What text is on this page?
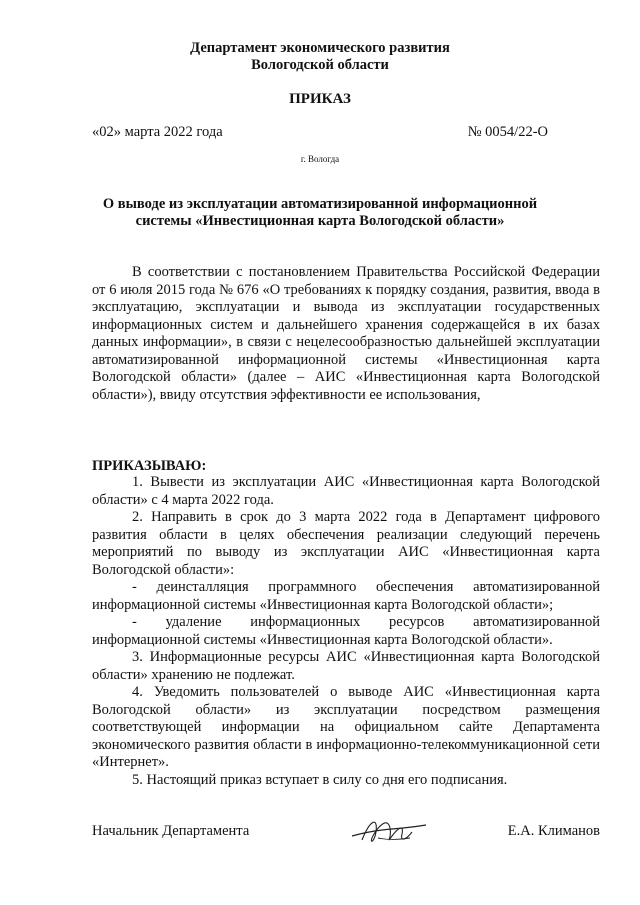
Департамент экономического развития
Вологодской области
ПРИКАЗ
«02» марта 2022 года	№ 0054/22-О
г. Вологда
О выводе из эксплуатации автоматизированной информационной
системы «Инвестиционная карта Вологодской области»

В соответствии с постановлением Правительства Российской Федерации от 6 июля 2015 года № 676 «О требованиях к порядку создания, развития, ввода в эксплуатацию, эксплуатации и вывода из эксплуатации государственных информационных систем и дальнейшего хранения содержащейся в их базах данных информации», в связи с нецелесообразностью дальнейшей эксплуатации автоматизированной информационной системы «Инвестиционная карта Вологодской области» (далее – АИС «Инвестиционная карта Вологодской области»), ввиду отсутствия эффективности ее использования,

ПРИКАЗЫВАЮ:

1. Вывести из эксплуатации АИС «Инвестиционная карта Вологодской области» с 4 марта 2022 года.

2. Направить в срок до 3 марта 2022 года в Департамент цифрового развития области в целях обеспечения реализации следующий перечень мероприятий по выводу из эксплуатации АИС «Инвестиционная карта Вологодской области»:

- деинсталляция программного обеспечения автоматизированной информационной системы «Инвестиционная карта Вологодской области»;

- удаление информационных ресурсов автоматизированной информационной системы «Инвестиционная карта Вологодской области».

3. Информационные ресурсы АИС «Инвестиционная карта Вологодской области» хранению не подлежат.

4. Уведомить пользователей о выводе АИС «Инвестиционная карта Вологодской области» из эксплуатации посредством размещения соответствующей информации на официальном сайте Департамента экономического развития области в информационно-телекоммуникационной сети «Интернет».

5. Настоящий приказ вступает в силу со дня его подписания.

Начальник Департамента	Е.А. Климанов
